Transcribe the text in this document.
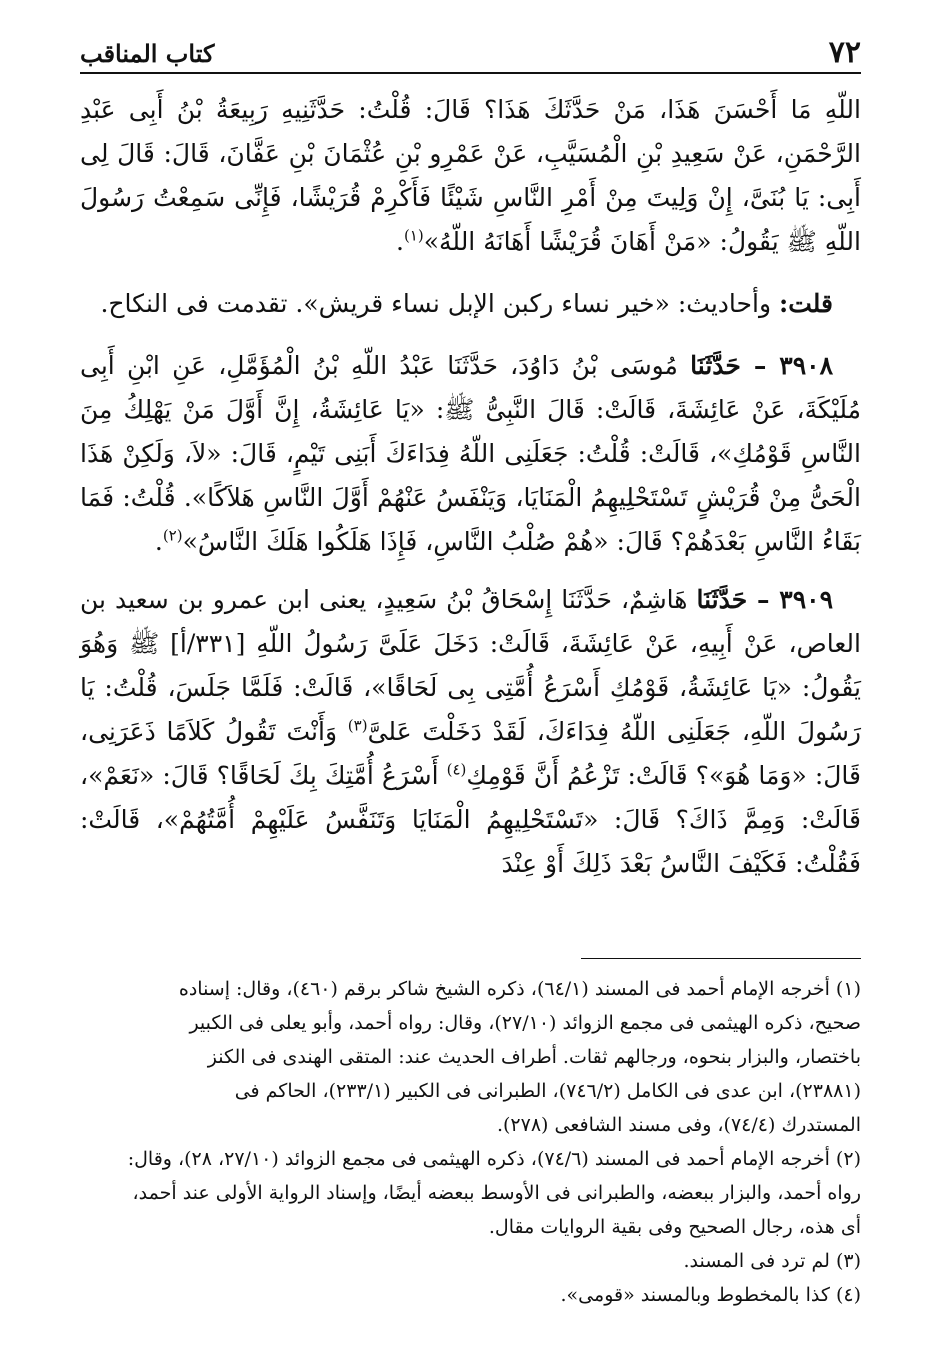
٧٢
كتاب المناقب

اللّهِ مَا أَحْسَنَ هَذَا، مَنْ حَدَّثَكَ هَذَا؟ قَالَ: قُلْتُ: حَدَّثَنِيهِ رَبِيعَةُ بْنُ أَبِى عَبْدِ الرَّحْمَنِ، عَنْ سَعِيدِ بْنِ الْمُسَيَّبِ، عَنْ عَمْرِو بْنِ عُثْمَانَ بْنِ عَفَّانَ، قَالَ: قَالَ لِى أَبِى: يَا بُنَىَّ، إِنْ وَلِيتَ مِنْ أَمْرِ النَّاسِ شَيْئًا فَأَكْرِمْ قُرَيْشًا، فَإِنِّى سَمِعْتُ رَسُولَ اللّهِ ﷺ يَقُولُ: «مَنْ أَهَانَ قُرَيْشًا أَهَانَهُ اللّهُ»$^{(١)}$.

قلت: وأحاديث: «خير نساء ركبن الإبل نساء قريش». تقدمت فى النكاح.

٣٩٠٨ – حَدَّثَنَا مُوسَى بْنُ دَاوُدَ، حَدَّثَنَا عَبْدُ اللّهِ بْنُ الْمُؤَمَّلِ، عَنِ ابْنِ أَبِى مُلَيْكَةَ، عَنْ عَائِشَةَ، قَالَتْ: قَالَ النَّبِىُّ ﷺ: «يَا عَائِشَةُ، إِنَّ أَوَّلَ مَنْ يَهْلِكُ مِنَ النَّاسِ قَوْمُكِ»، قَالَتْ: قُلْتُ: جَعَلَنِى اللّهُ فِدَاءَكَ أَبَنِى تَيْمٍ، قَالَ: «لاَ، وَلَكِنْ هَذَا الْحَىُّ مِنْ قُرَيْشٍ تَسْتَحْلِيهِمُ الْمَنَايَا، وَيَنْفَسُ عَنْهُمْ أَوَّلَ النَّاسِ هَلاَكًا». قُلْتُ: فَمَا بَقَاءُ النَّاسِ بَعْدَهُمْ؟ قَالَ: «هُمْ صُلْبُ النَّاسِ، فَإِذَا هَلَكُوا هَلَكَ النَّاسُ»$^{(٢)}$.

٣٩٠٩ – حَدَّثَنَا هَاشِمٌ، حَدَّثَنَا إِسْحَاقُ بْنُ سَعِيدٍ، يعنى ابن عمرو بن سعيد بن العاص، عَنْ أَبِيهِ، عَنْ عَائِشَةَ، قَالَتْ: دَخَلَ عَلَىَّ رَسُولُ اللّهِ [٣٣١/أ] ﷺ وَهُوَ يَقُولُ: «يَا عَائِشَةُ، قَوْمُكِ أَسْرَعُ أُمَّتِى بِى لَحَاقًا»، قَالَتْ: فَلَمَّا جَلَسَ، قُلْتُ: يَا رَسُولَ اللّهِ، جَعَلَنِى اللّهُ فِدَاءَكَ، لَقَدْ دَخَلْتَ عَلىَّ$^{(٣)}$ وَأَنْتَ تَقُولُ كَلاَمًا ذَعَرَنِى، قَالَ: «وَمَا هُوَ»؟ قَالَتْ: تَزْعُمُ أَنَّ قَوْمِكِ$^{(٤)}$ أَسْرَعُ أُمَّتِكَ بِكَ لَحَاقًا؟ قَالَ: «نَعَمْ»، قَالَتْ: وَمِمَّ ذَاكَ؟ قَالَ: «تَسْتَحْلِيهِمُ الْمَنَايَا وَتَنَفَّسُ عَلَيْهِمْ أُمَّتُهُمْ»، قَالَتْ: فَقُلْتُ: فَكَيْفَ النَّاسُ بَعْدَ ذَلِكَ أَوْ عِنْدَ

(١) أخرجه الإمام أحمد فى المسند (٦٤/١)، ذكره الشيخ شاكر برقم (٤٦٠)، وقال: إسناده
صحيح، ذكره الهيثمى فى مجمع الزوائد (٢٧/١٠)، وقال: رواه أحمد، وأبو يعلى فى الكبير
باختصار، والبزار بنحوه، ورجالهم ثقات. أطراف الحديث عند: المتقى الهندى فى الكنز
(٢٣٨٨١)، ابن عدى فى الكامل (٧٤٦/٢)، الطبرانى فى الكبير (٢٣٣/١)، الحاكم فى
المستدرك (٧٤/٤)، وفى مسند الشافعى (٢٧٨).
(٢) أخرجه الإمام أحمد فى المسند (٧٤/٦)، ذكره الهيثمى فى مجمع الزوائد (٢٧/١٠، ٢٨)، وقال:
رواه أحمد، والبزار ببعضه، والطبرانى فى الأوسط ببعضه أيضًا، وإسناد الرواية الأولى عند أحمد،
أى هذه، رجال الصحيح وفى بقية الروايات مقال.
(٣) لم ترد فى المسند.
(٤) كذا بالمخطوط وبالمسند «قومى».
